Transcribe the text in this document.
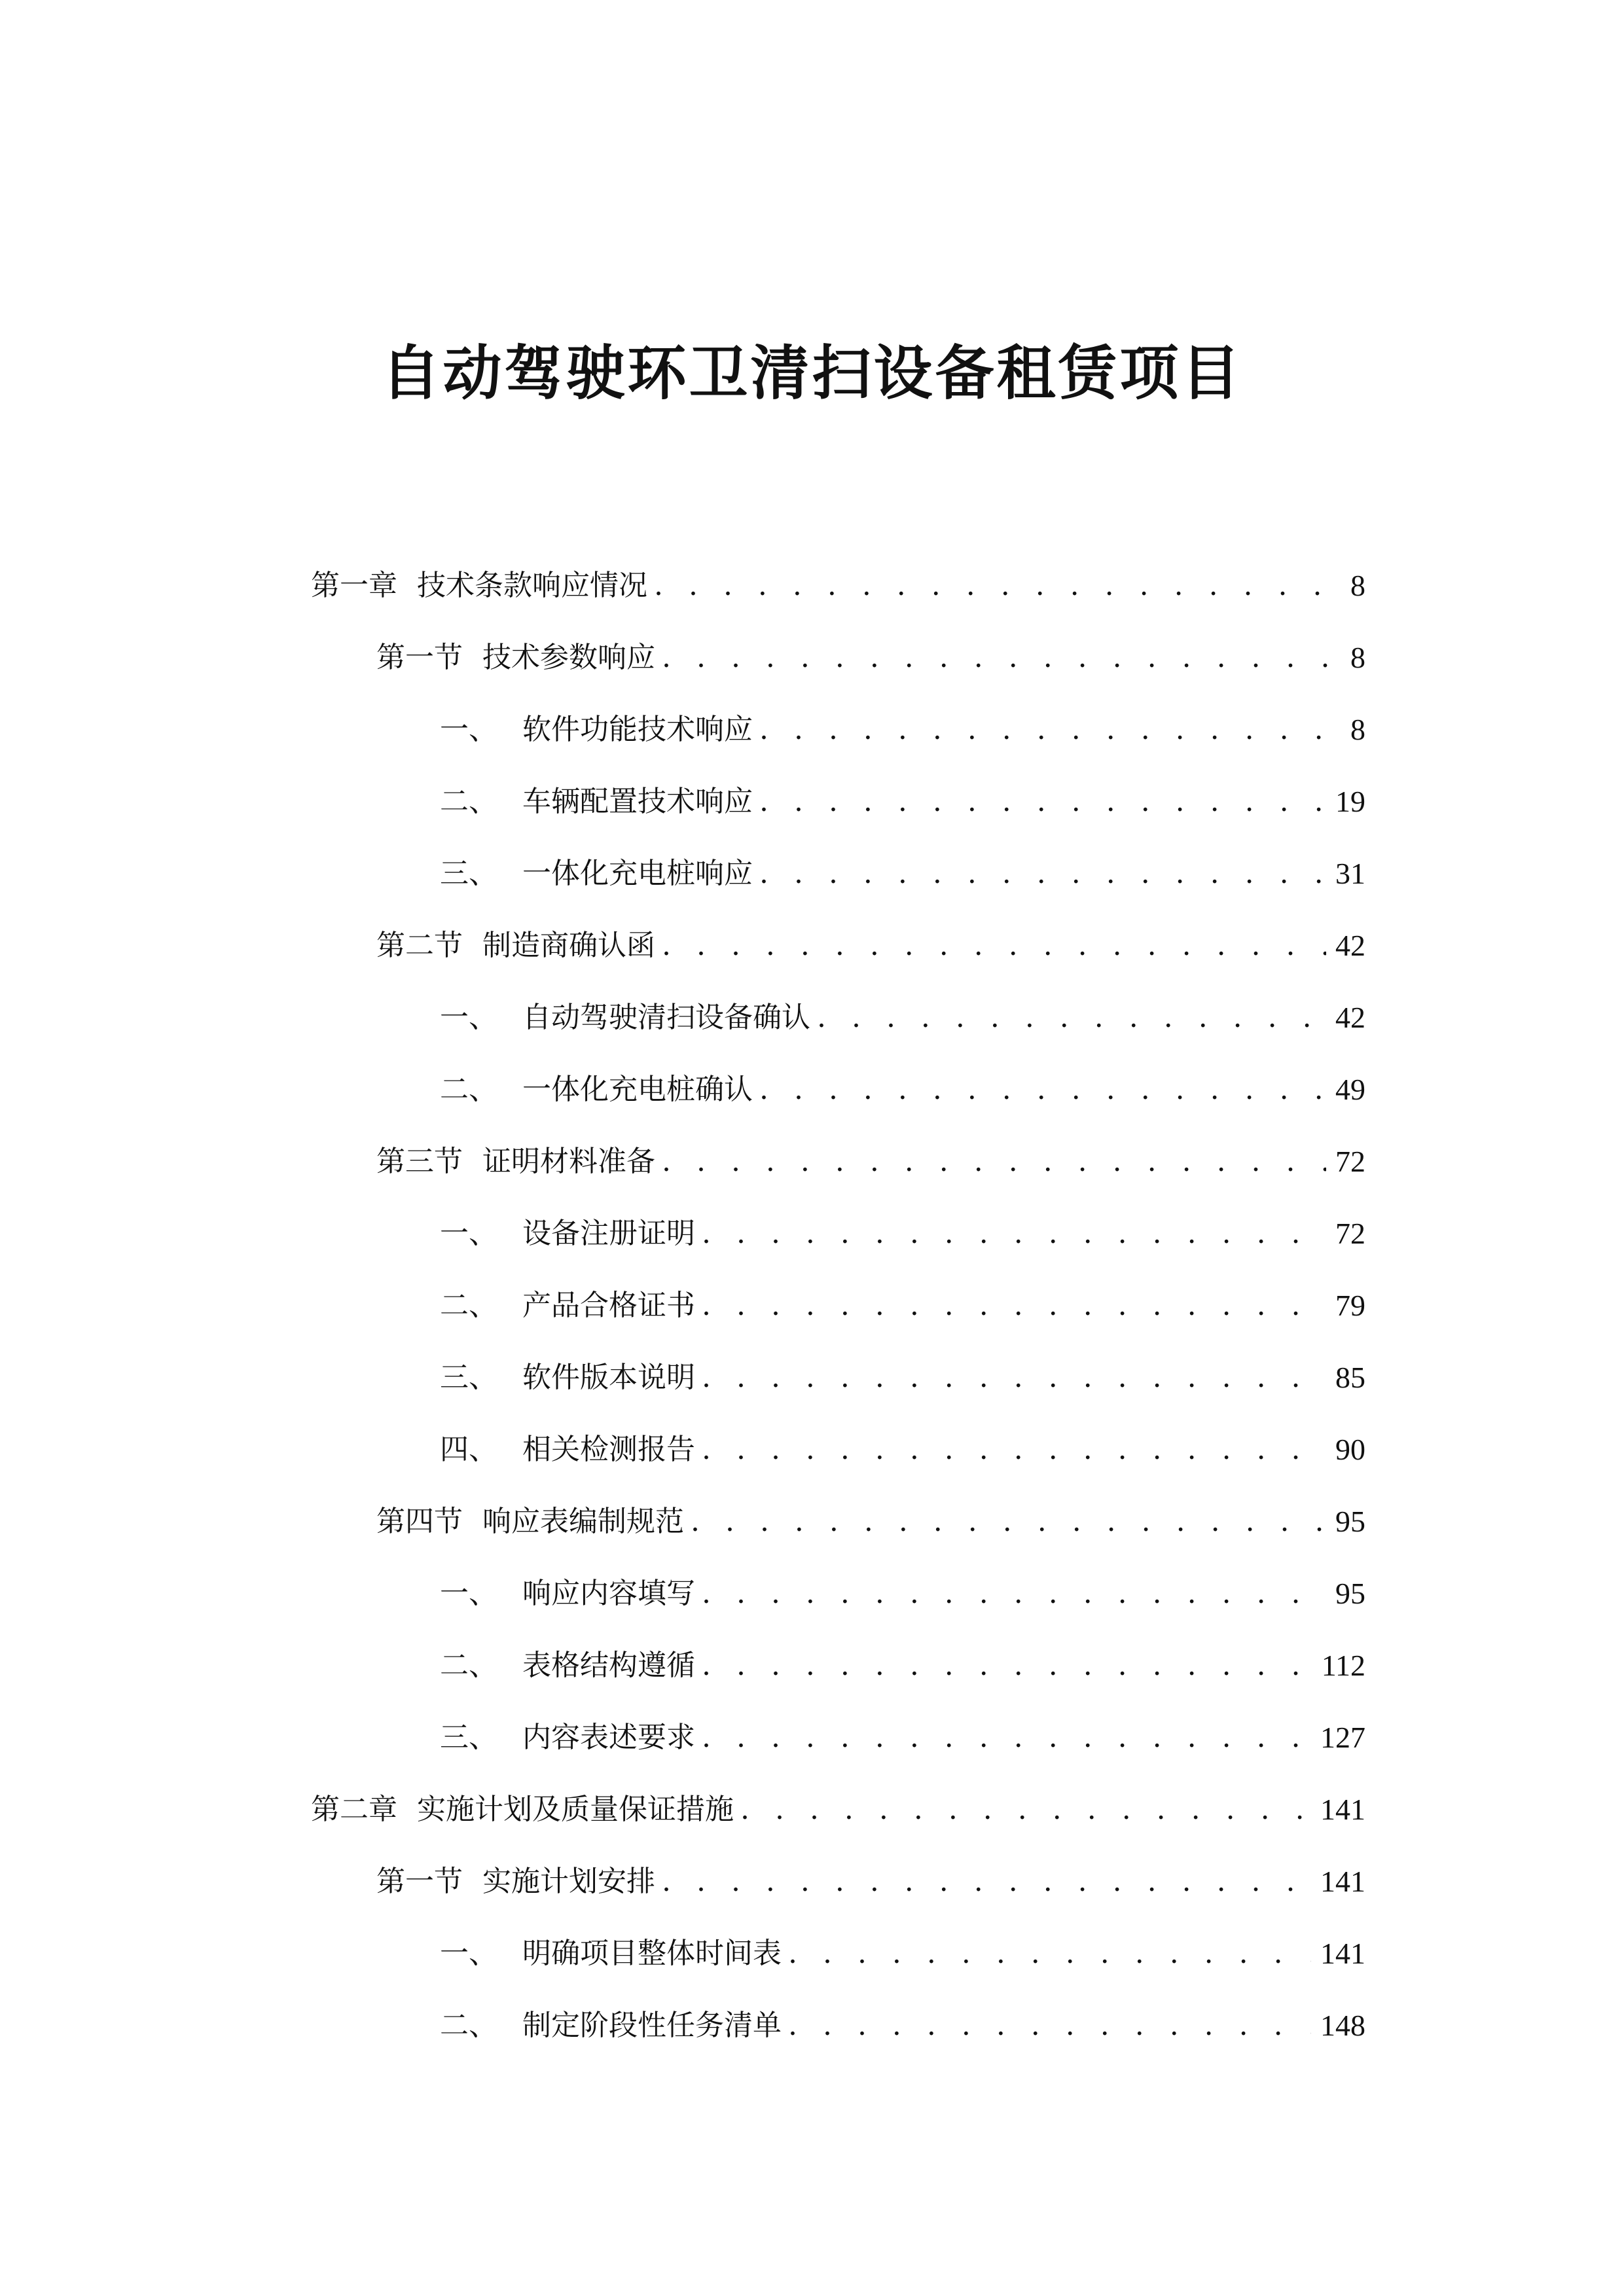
自动驾驶环卫清扫设备租赁项目
第一章 技术条款响应情况 . . .	8
第一节 技术参数响应 . . .	8
一、 软件功能技术响应 . . .	8
二、 车辆配置技术响应 . . .	19
三、 一体化充电桩响应 . . .	31
第二节 制造商确认函 . . .	42
一、 自动驾驶清扫设备确认 . . .	42
二、 一体化充电桩确认 . . .	49
第三节 证明材料准备 . . .	72
一、 设备注册证明 . . .	72
二、 产品合格证书 . . .	79
三、 软件版本说明 . . .	85
四、 相关检测报告 . . .	90
第四节 响应表编制规范 . . .	95
一、 响应内容填写 . . .	95
二、 表格结构遵循 . . .	112
三、 内容表述要求 . . .	127
第二章 实施计划及质量保证措施 . . .	141
第一节 实施计划安排 . . .	141
一、 明确项目整体时间表 . . .	141
二、 制定阶段性任务清单 . . .	148
